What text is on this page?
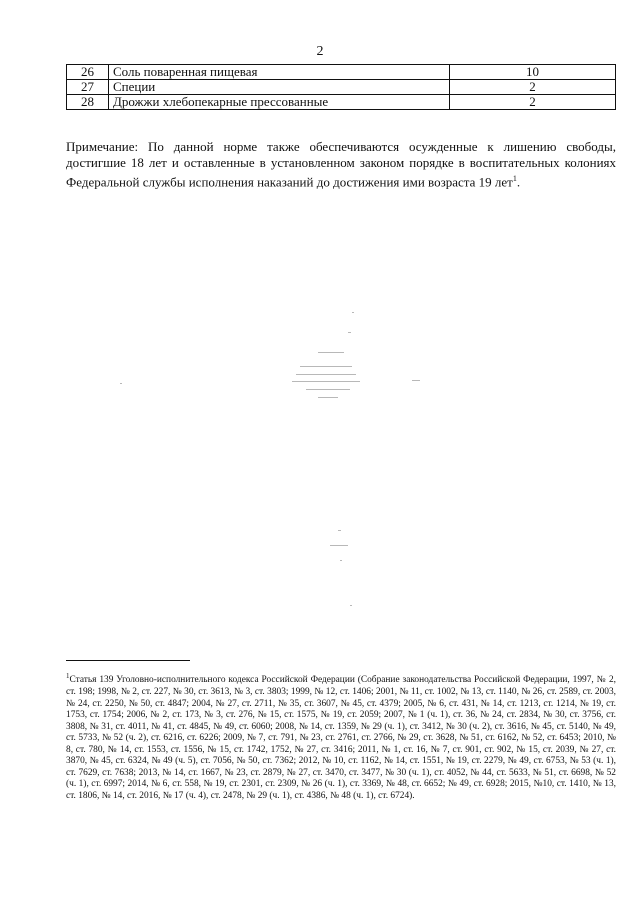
2
26	Соль поваренная пищевая	10
27	Специи	2
28	Дрожжи хлебопекарные прессованные	2

Примечание: По данной норме также обеспечиваются осужденные к лишению свободы, достигшие 18 лет и оставленные в установленном законом порядке в воспитательных колониях Федеральной службы исполнения наказаний до достижения ими возраста 19 лет$^1$.

$^1$Статья 139 Уголовно-исполнительного кодекса Российской Федерации (Собрание законодательства Российской Федерации, 1997, № 2, ст. 198; 1998, № 2, ст. 227, № 30, ст. 3613, № 3, ст. 3803; 1999, № 12, ст. 1406; 2001, № 11, ст. 1002, № 13, ст. 1140, № 26, ст. 2589, ст. 2003, № 24, ст. 2250, № 50, ст. 4847; 2004, № 27, ст. 2711, № 35, ст. 3607, № 45, ст. 4379; 2005, № 6, ст. 431, № 14, ст. 1213, ст. 1214, № 19, ст. 1753, ст. 1754; 2006, № 2, ст. 173, № 3, ст. 276, № 15, ст. 1575, № 19, ст. 2059; 2007, № 1 (ч. 1), ст. 36, № 24, ст. 2834, № 30, ст. 3756, ст. 3808, № 31, ст. 4011, № 41, ст. 4845, № 49, ст. 6060; 2008, № 14, ст. 1359, № 29 (ч. 1), ст. 3412, № 30 (ч. 2), ст. 3616, № 45, ст. 5140, № 49, ст. 5733, № 52 (ч. 2), ст. 6216, ст. 6226; 2009, № 7, ст. 791, № 23, ст. 2761, ст. 2766, № 29, ст. 3628, № 51, ст. 6162, № 52, ст. 6453; 2010, № 8, ст. 780, № 14, ст. 1553, ст. 1556, № 15, ст. 1742, 1752, № 27, ст. 3416; 2011, № 1, ст. 16, № 7, ст. 901, ст. 902, № 15, ст. 2039, № 27, ст. 3870, № 45, ст. 6324, № 49 (ч. 5), ст. 7056, № 50, ст. 7362; 2012, № 10, ст. 1162, № 14, ст. 1551, № 19, ст. 2279, № 49, ст. 6753, № 53 (ч. 1), ст. 7629, ст. 7638; 2013, № 14, ст. 1667, № 23, ст. 2879, № 27, ст. 3470, ст. 3477, № 30 (ч. 1), ст. 4052, № 44, ст. 5633, № 51, ст. 6698, № 52 (ч. 1), ст. 6997; 2014, № 6, ст. 558, № 19, ст. 2301, ст. 2309, № 26 (ч. 1), ст. 3369, № 48, ст. 6652; № 49, ст. 6928; 2015, №10, ст. 1410, № 13, ст. 1806, № 14, ст. 2016, № 17 (ч. 4), ст. 2478, № 29 (ч. 1), ст. 4386, № 48 (ч. 1), ст. 6724).
